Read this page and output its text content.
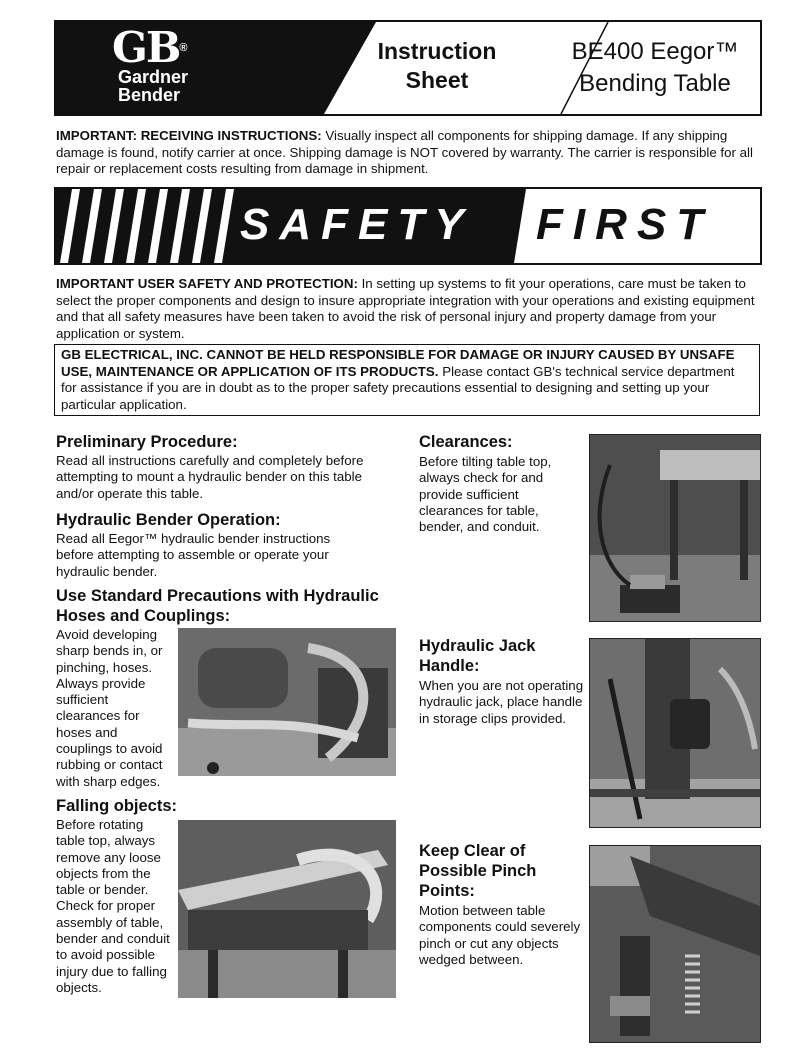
GB®
Gardner
Bender
Instruction
Sheet
BE400 Eegor™
Bending Table
IMPORTANT: RECEIVING INSTRUCTIONS: Visually inspect all components for shipping damage. If any shipping damage is found, notify carrier at once. Shipping damage is NOT covered by warranty. The carrier is responsible for all repair or replacement costs resulting from damage in shipment.
SAFETY FIRST
IMPORTANT USER SAFETY AND PROTECTION: In setting up systems to fit your operations, care must be taken to select the proper components and design to insure appropriate integration with your operations and existing equipment and that all safety measures have been taken to avoid the risk of personal injury and property damage from your application or system.
GB ELECTRICAL, INC. CANNOT BE HELD RESPONSIBLE FOR DAMAGE OR INJURY CAUSED BY UNSAFE USE, MAINTENANCE OR APPLICATION OF ITS PRODUCTS. Please contact GB's technical service department for assistance if you are in doubt as to the proper safety precautions essential to designing and setting up your particular application.
Preliminary Procedure:
Read all instructions carefully and completely before attempting to mount a hydraulic bender on this table and/or operate this table.
Hydraulic Bender Operation:
Read all Eegor™ hydraulic bender instructions before attempting to assemble or operate your hydraulic bender.
Use Standard Precautions with Hydraulic
Hoses and Couplings:
Avoid developing
sharp bends in, or
pinching, hoses.
Always provide
sufficient
clearances for
hoses and
couplings to avoid
rubbing or contact
with sharp edges.
Falling objects:
Before rotating
table top, always
remove any loose
objects from the
table or bender.
Check for proper
assembly of table,
bender and conduit
to avoid possible
injury due to falling
objects.
Clearances:
Before tilting table top,
always check for and
provide sufficient
clearances for table,
bender, and conduit.
Hydraulic Jack
Handle:
When you are not operating
hydraulic jack, place handle
in storage clips provided.
Keep Clear of
Possible Pinch
Points:
Motion between table
components could severely
pinch or cut any objects
wedged between.
